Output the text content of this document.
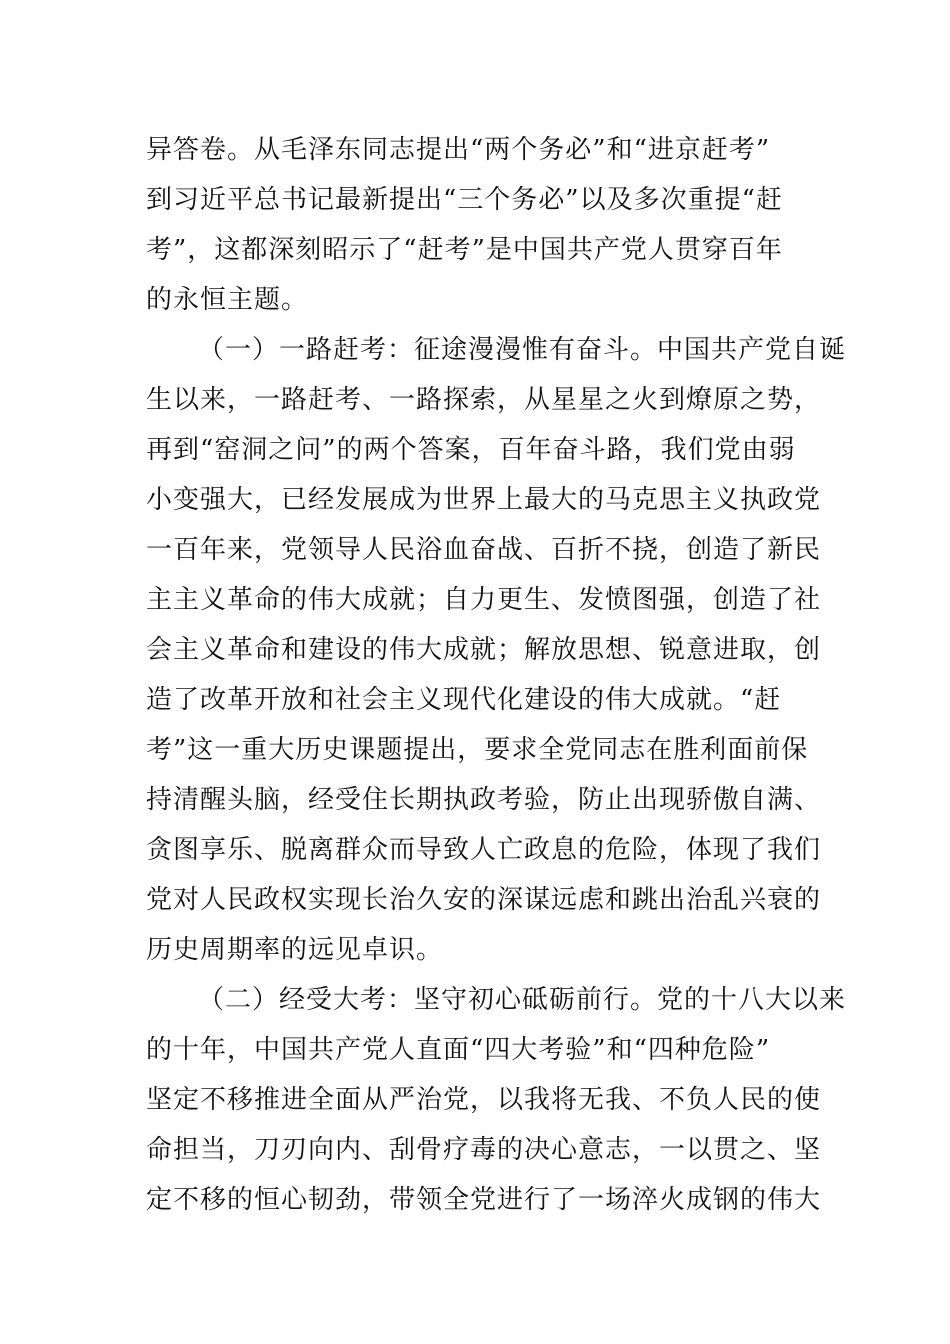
异答卷。从毛泽东同志提出“两个务必”和“进京赶考”
到习近平总书记最新提出“三个务必”以及多次重提“赶
考”，这都深刻昭示了“赶考”是中国共产党人贯穿百年
的永恒主题。
（一）一路赶考：征途漫漫惟有奋斗。中国共产党自诞
生以来，一路赶考、一路探索，从星星之火到燎原之势，
再到“窑洞之问”的两个答案，百年奋斗路，我们党由弱
小变强大，已经发展成为世界上最大的马克思主义执政党
一百年来，党领导人民浴血奋战、百折不挠，创造了新民
主主义革命的伟大成就；自力更生、发愤图强，创造了社
会主义革命和建设的伟大成就；解放思想、锐意进取，创
造了改革开放和社会主义现代化建设的伟大成就。“赶
考”这一重大历史课题提出，要求全党同志在胜利面前保
持清醒头脑，经受住长期执政考验，防止出现骄傲自满、
贪图享乐、脱离群众而导致人亡政息的危险，体现了我们
党对人民政权实现长治久安的深谋远虑和跳出治乱兴衰的
历史周期率的远见卓识。
（二）经受大考：坚守初心砥砺前行。党的十八大以来
的十年，中国共产党人直面“四大考验”和“四种危险”
坚定不移推进全面从严治党，以我将无我、不负人民的使
命担当，刀刃向内、刮骨疗毒的决心意志，一以贯之、坚
定不移的恒心韧劲，带领全党进行了一场淬火成钢的伟大
